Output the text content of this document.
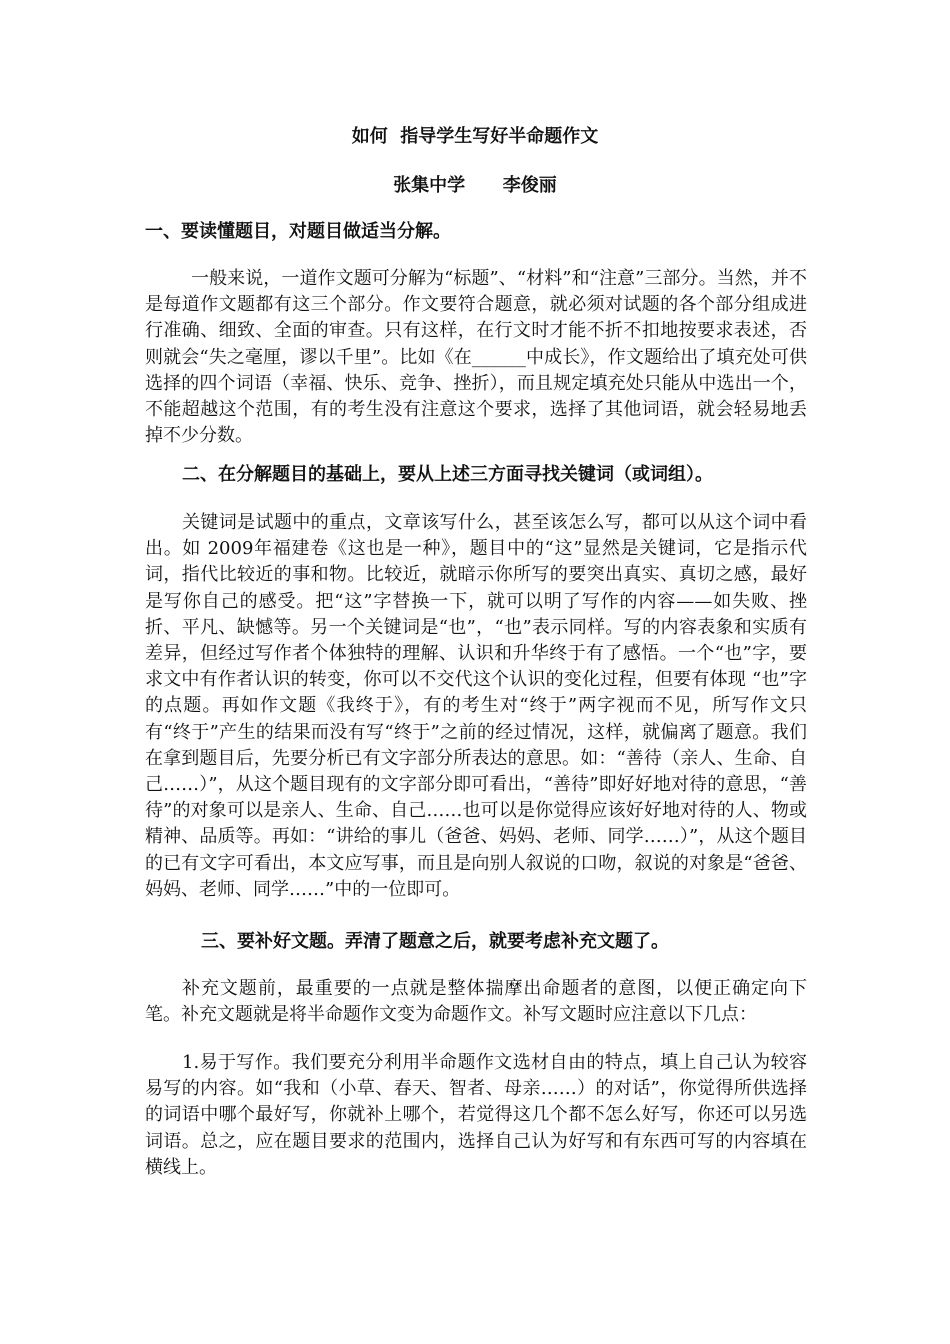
如何  指导学生写好半命题作文
张集中学      李俊丽
一、要读懂题目，对题目做适当分解。
一般来说，一道作文题可分解为“标题”、“材料”和“注意”三部分。当然，并不是每道作文题都有这三个部分。作文要符合题意，就必须对试题的各个部分组成进行准确、细致、全面的审查。只有这样，在行文时才能不折不扣地按要求表述，否则就会“失之毫厘，谬以千里”。比如《在______中成长》，作文题给出了填充处可供选择的四个词语（幸福、快乐、竞争、挫折），而且规定填充处只能从中选出一个，不能超越这个范围，有的考生没有注意这个要求，选择了其他词语，就会轻易地丢掉不少分数。
二、在分解题目的基础上，要从上述三方面寻找关键词（或词组）。
关键词是试题中的重点，文章该写什么，甚至该怎么写，都可以从这个词中看出。如 2009年福建卷《这也是一种》，题目中的“这”显然是关键词，它是指示代词，指代比较近的事和物。比较近，就暗示你所写的要突出真实、真切之感，最好是写你自己的感受。把“这”字替换一下，就可以明了写作的内容——如失败、挫折、平凡、缺憾等。另一个关键词是“也”，“也”表示同样。写的内容表象和实质有差异，但经过写作者个体独特的理解、认识和升华终于有了感悟。一个“也”字，要求文中有作者认识的转变，你可以不交代这个认识的变化过程，但要有体现 “也”字的点题。再如作文题《我终于》，有的考生对“终于”两字视而不见，所写作文只有“终于”产生的结果而没有写“终于”之前的经过情况，这样，就偏离了题意。我们在拿到题目后，先要分析已有文字部分所表达的意思。如：“善待（亲人、生命、自己……）”，从这个题目现有的文字部分即可看出，“善待”即好好地对待的意思，“善待”的对象可以是亲人、生命、自己……也可以是你觉得应该好好地对待的人、物或精神、品质等。再如：“讲给的事儿（爸爸、妈妈、老师、同学……）”，从这个题目的已有文字可看出，本文应写事，而且是向别人叙说的口吻，叙说的对象是“爸爸、妈妈、老师、同学……”中的一位即可。
三、要补好文题。弄清了题意之后，就要考虑补充文题了。
补充文题前，最重要的一点就是整体揣摩出命题者的意图，以便正确定向下笔。补充文题就是将半命题作文变为命题作文。补写文题时应注意以下几点：
1.易于写作。我们要充分利用半命题作文选材自由的特点，填上自己认为较容易写的内容。如“我和（小草、春天、智者、母亲……）的对话”，你觉得所供选择的词语中哪个最好写，你就补上哪个，若觉得这几个都不怎么好写，你还可以另选词语。总之，应在题目要求的范围内，选择自己认为好写和有东西可写的内容填在横线上。
